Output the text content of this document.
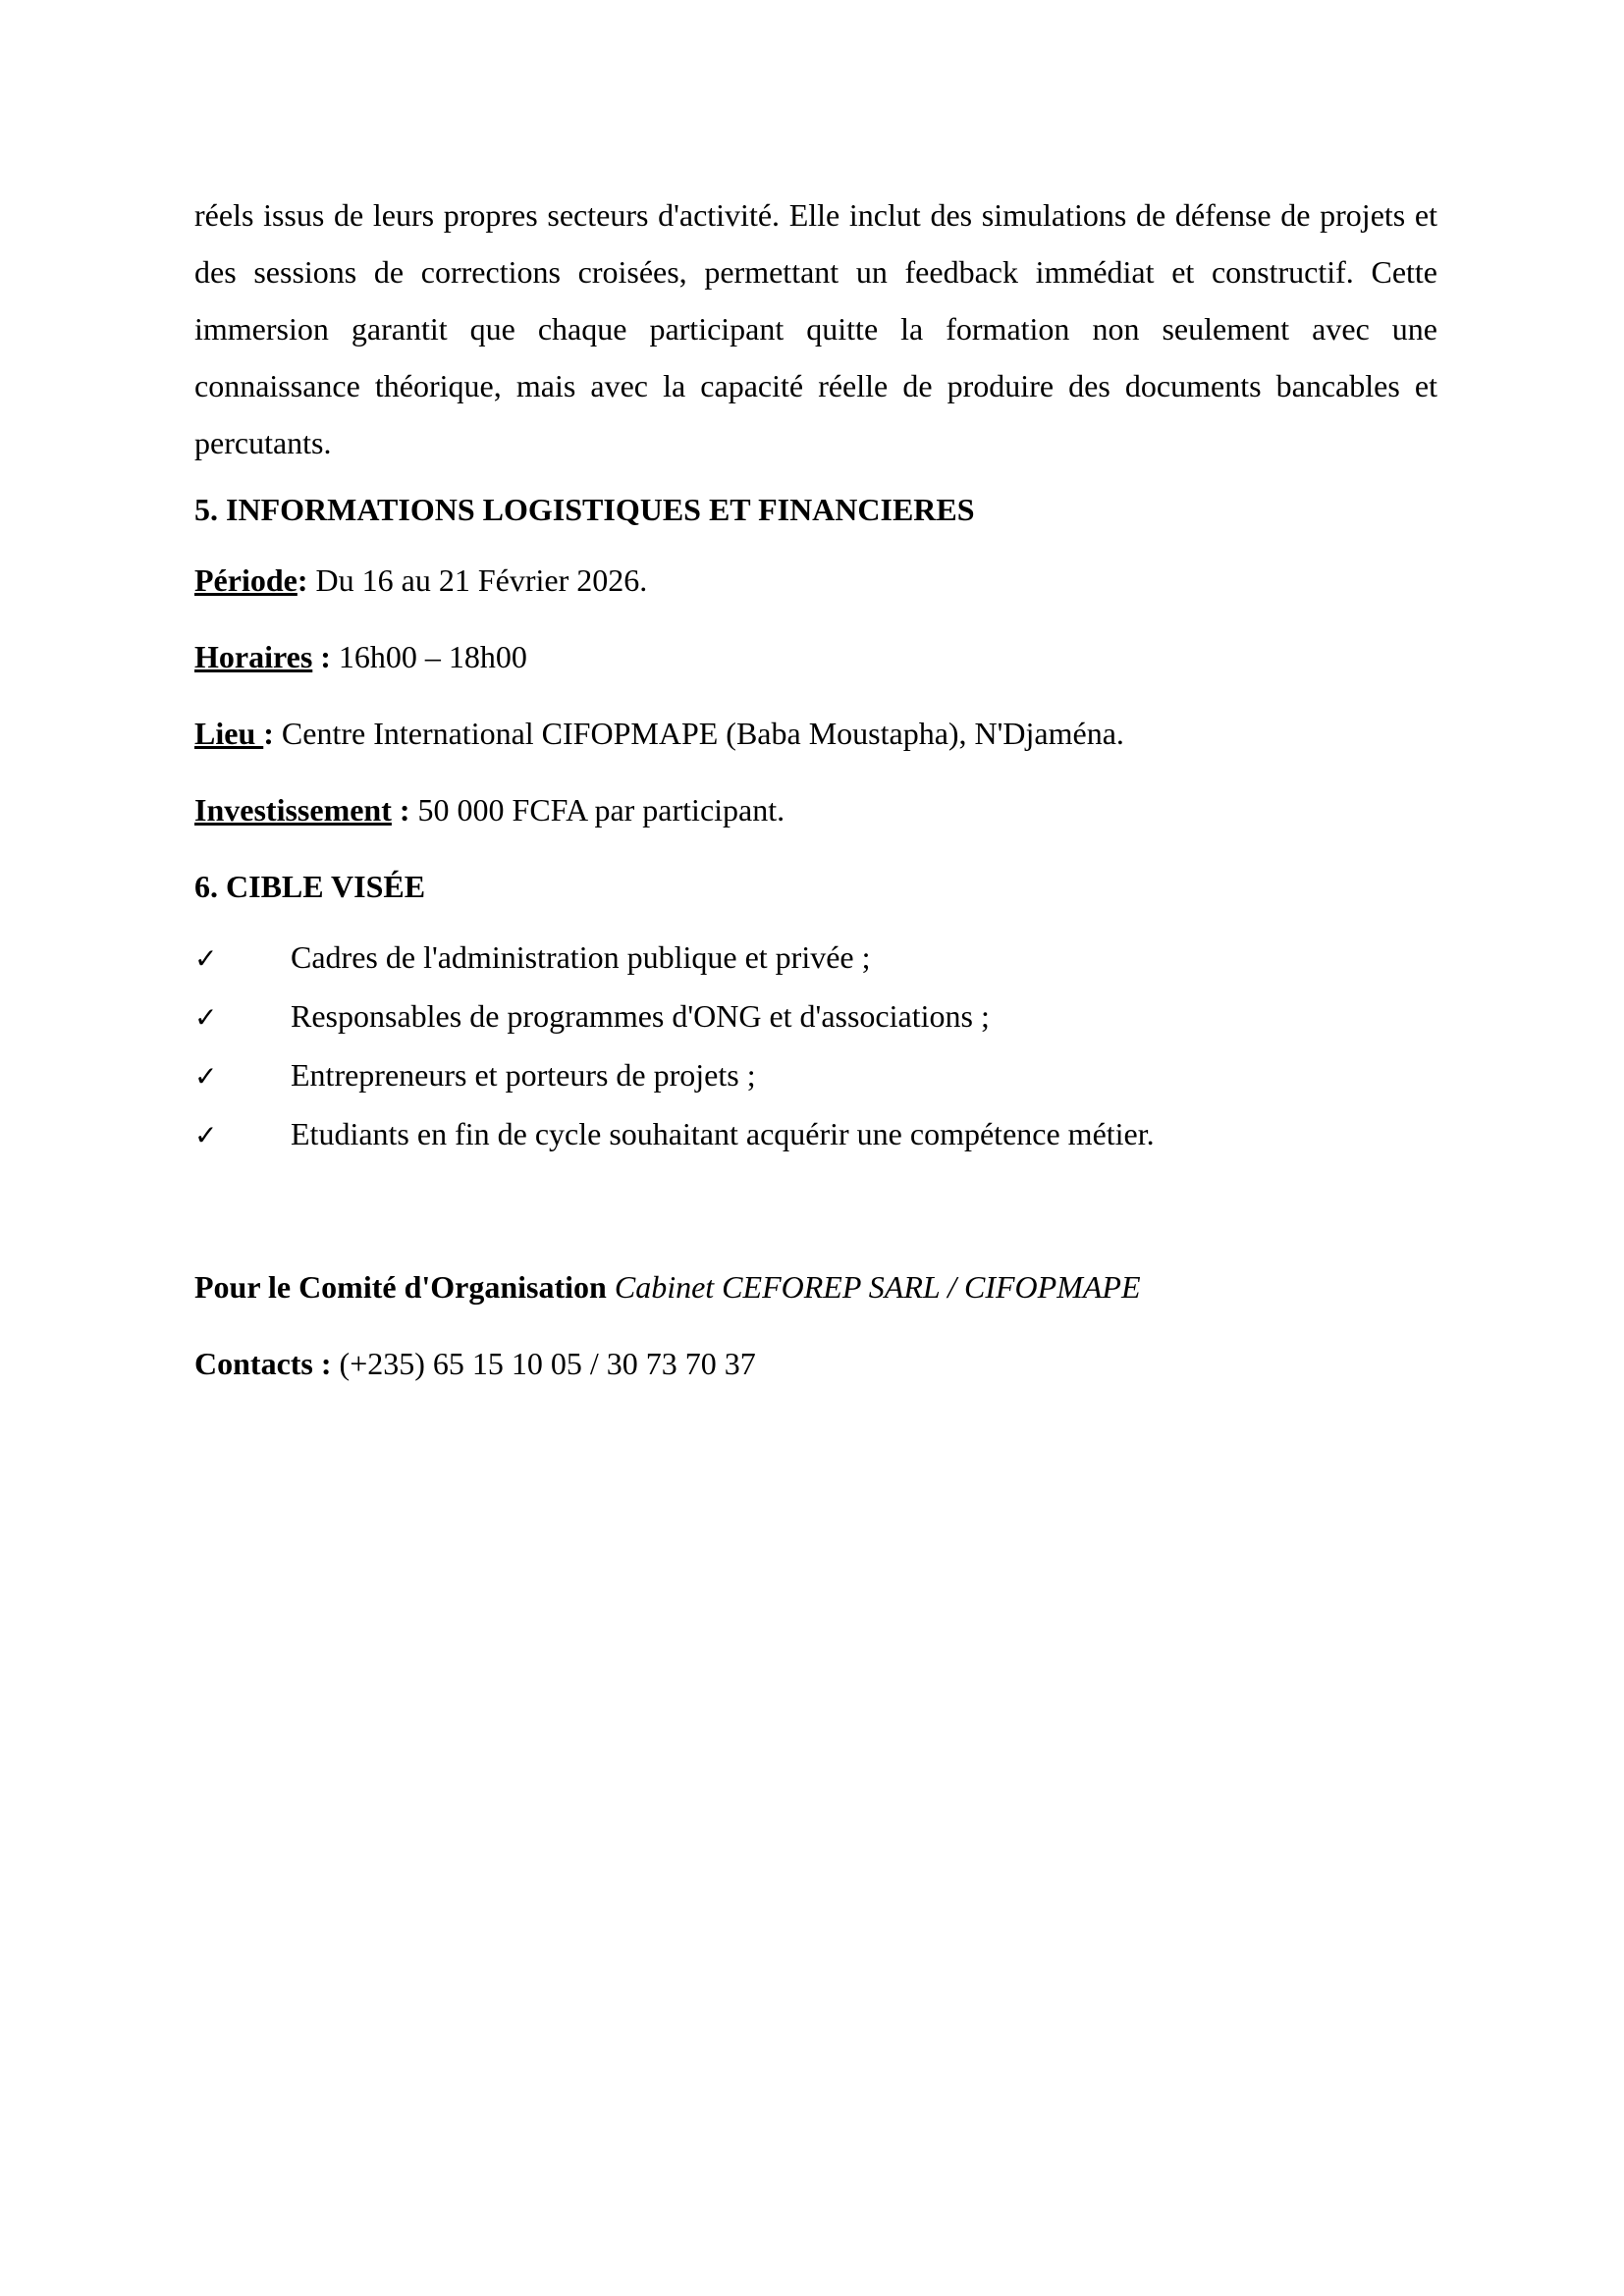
réels issus de leurs propres secteurs d'activité. Elle inclut des simulations de défense de projets et des sessions de corrections croisées, permettant un feedback immédiat et constructif. Cette immersion garantit que chaque participant quitte la formation non seulement avec une connaissance théorique, mais avec la capacité réelle de produire des documents bancables et percutants.

5. INFORMATIONS LOGISTIQUES ET FINANCIERES

Période: Du 16 au 21 Février 2026.

Horaires : 16h00 – 18h00

Lieu : Centre International CIFOPMAPE (Baba Moustapha), N'Djaména.

Investissement : 50 000 FCFA par participant.

6. CIBLE VISÉE

✓	Cadres de l'administration publique et privée ;
✓	Responsables de programmes d'ONG et d'associations ;
✓	Entrepreneurs et porteurs de projets ;
✓	Etudiants en fin de cycle souhaitant acquérir une compétence métier.

Pour le Comité d'Organisation Cabinet CEFOREP SARL / CIFOPMAPE

Contacts : (+235) 65 15 10 05 / 30 73 70 37
